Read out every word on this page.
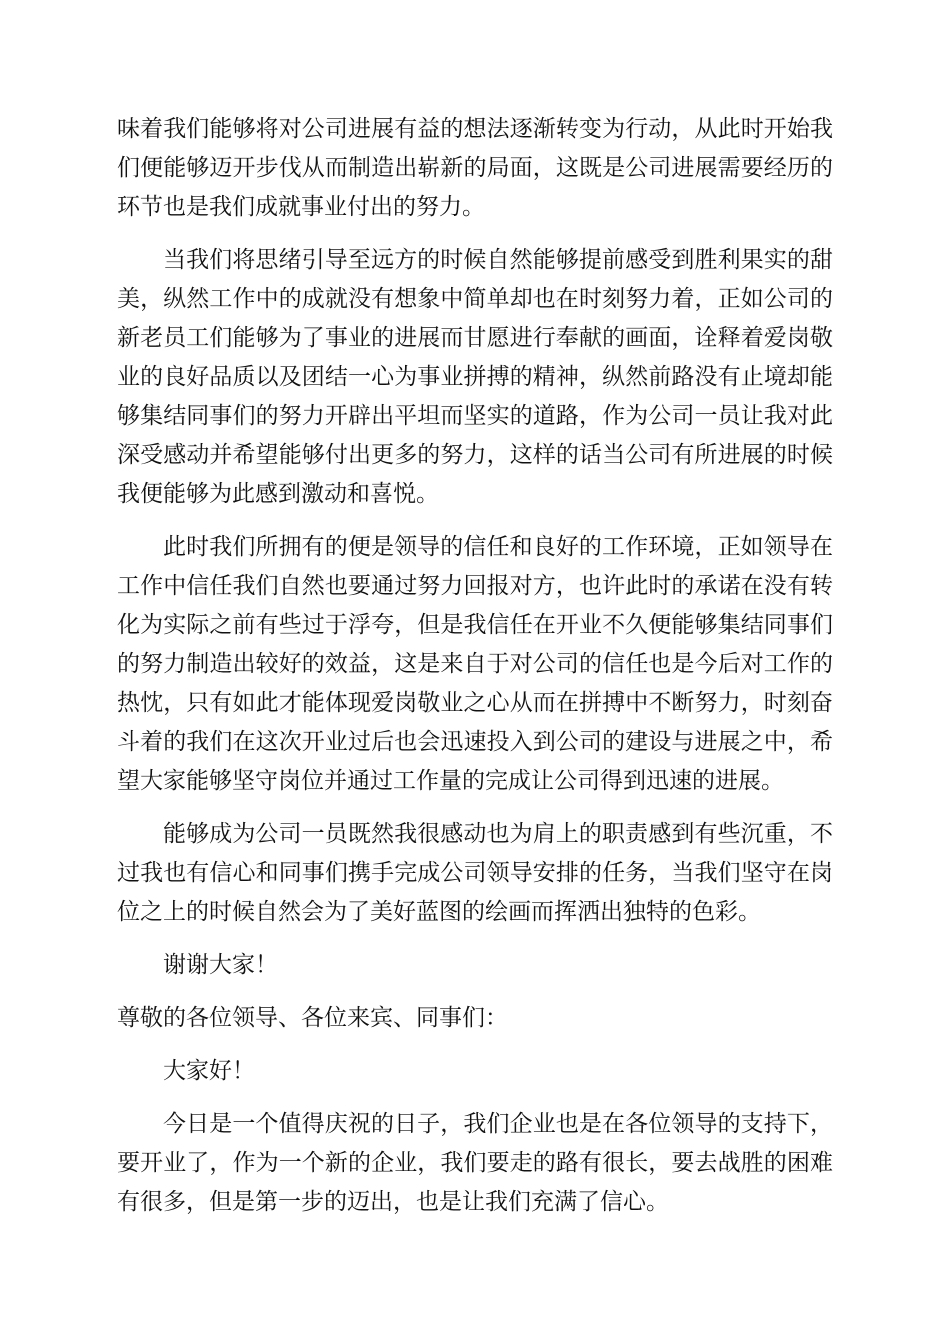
味着我们能够将对公司进展有益的想法逐渐转变为行动，从此时开始我们便能够迈开步伐从而制造出崭新的局面，这既是公司进展需要经历的环节也是我们成就事业付出的努力。

当我们将思绪引导至远方的时候自然能够提前感受到胜利果实的甜美，纵然工作中的成就没有想象中简单却也在时刻努力着，正如公司的新老员工们能够为了事业的进展而甘愿进行奉献的画面，诠释着爱岗敬业的良好品质以及团结一心为事业拼搏的精神，纵然前路没有止境却能够集结同事们的努力开辟出平坦而坚实的道路，作为公司一员让我对此深受感动并希望能够付出更多的努力，这样的话当公司有所进展的时候我便能够为此感到激动和喜悦。

此时我们所拥有的便是领导的信任和良好的工作环境，正如领导在工作中信任我们自然也要通过努力回报对方，也许此时的承诺在没有转化为实际之前有些过于浮夸，但是我信任在开业不久便能够集结同事们的努力制造出较好的效益，这是来自于对公司的信任也是今后对工作的热忱，只有如此才能体现爱岗敬业之心从而在拼搏中不断努力，时刻奋斗着的我们在这次开业过后也会迅速投入到公司的建设与进展之中，希望大家能够坚守岗位并通过工作量的完成让公司得到迅速的进展。

能够成为公司一员既然我很感动也为肩上的职责感到有些沉重，不过我也有信心和同事们携手完成公司领导安排的任务，当我们坚守在岗位之上的时候自然会为了美好蓝图的绘画而挥洒出独特的色彩。

谢谢大家！

尊敬的各位领导、各位来宾、同事们：

大家好！

今日是一个值得庆祝的日子，我们企业也是在各位领导的支持下，要开业了，作为一个新的企业，我们要走的路有很长，要去战胜的困难有很多，但是第一步的迈出，也是让我们充满了信心。
